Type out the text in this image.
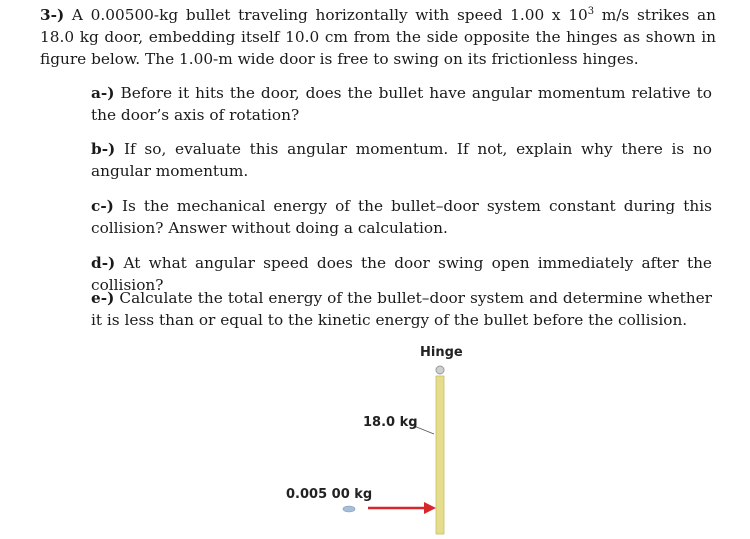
3-) A 0.00500-kg bullet traveling horizontally with speed 1.00 x $10^3$ m/s strikes an 18.0 kg door, embedding itself 10.0 cm from the side opposite the hinges as shown in figure below. The 1.00-m wide door is free to swing on its frictionless hinges.
a-) Before it hits the door, does the bullet have angular momentum relative to the door’s axis of rotation?
b-) If so, evaluate this angular momentum. If not, explain why there is no angular momentum.
c-) Is the mechanical energy of the bullet–door system constant during this collision? Answer without doing a calculation.
d-) At what angular speed does the door swing open immediately after the collision?
e-) Calculate the total energy of the bullet–door system and determine whether it is less than or equal to the kinetic energy of the bullet before the collision.
Hinge
18.0 kg
0.005 00 kg
